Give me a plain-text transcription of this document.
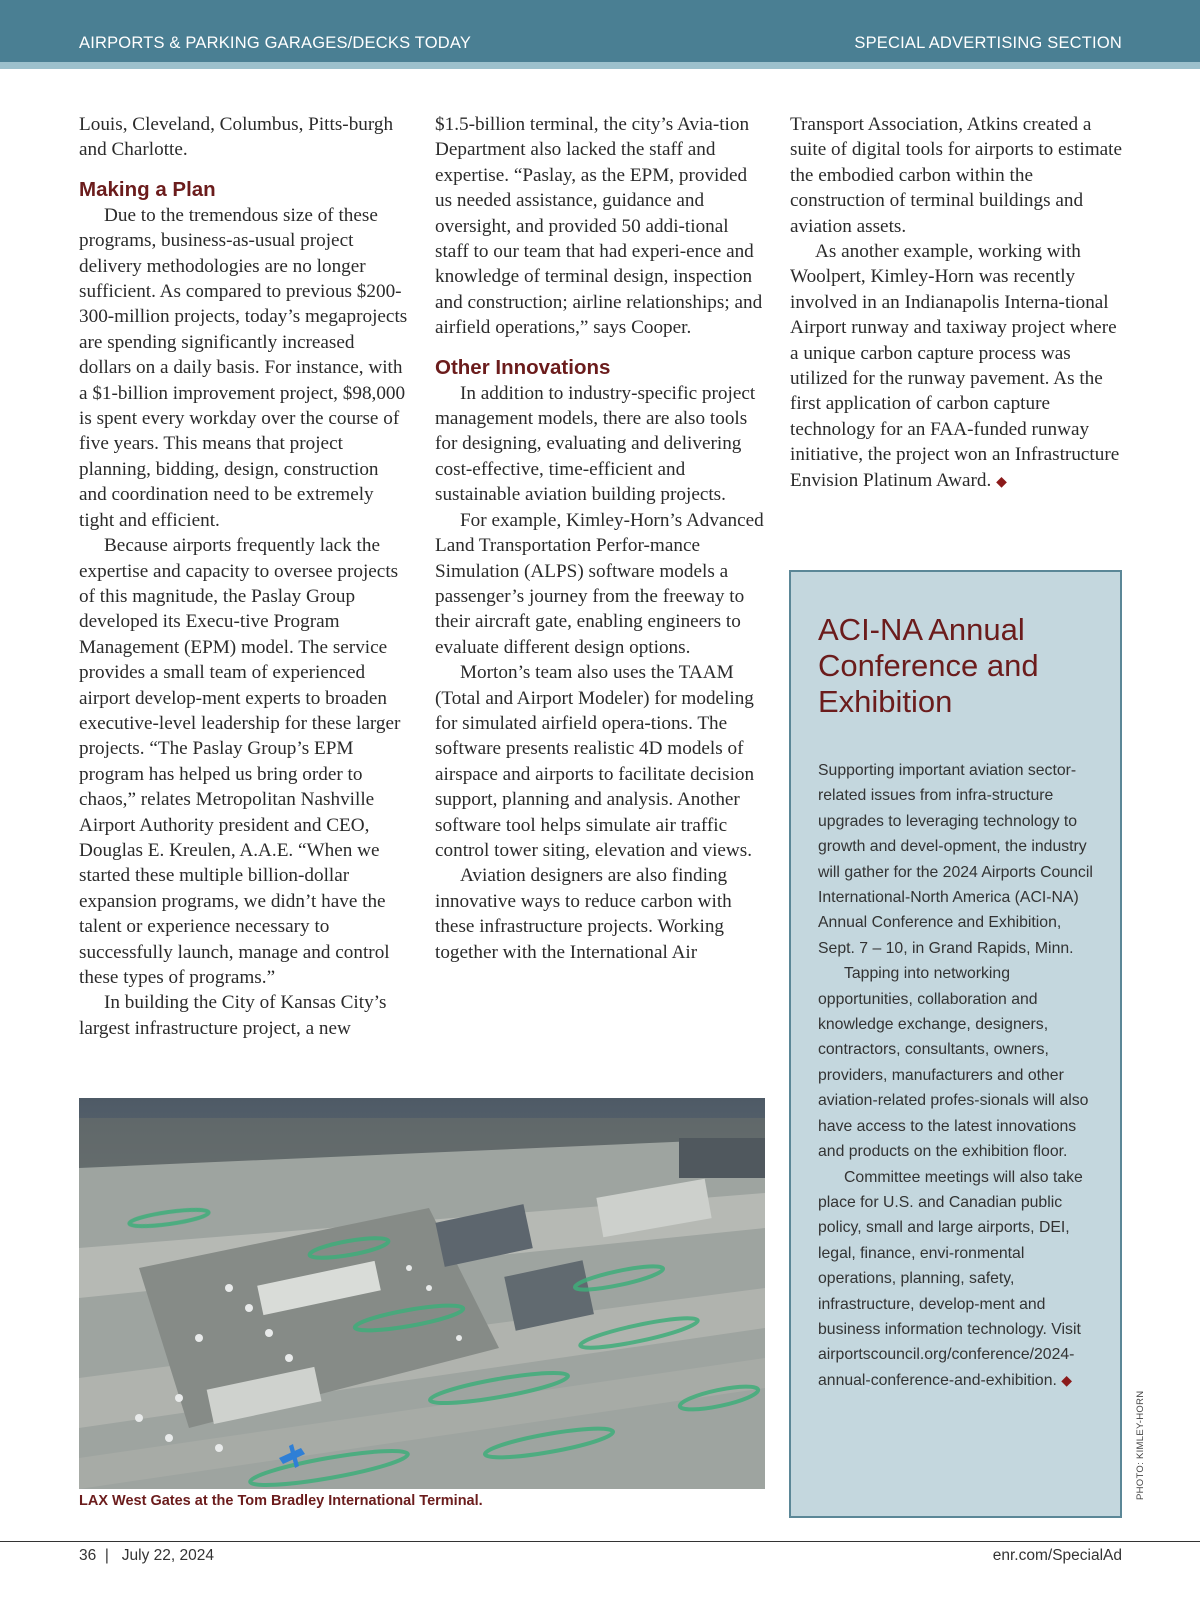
AIRPORTS & PARKING GARAGES/DECKS TODAY	SPECIAL ADVERTISING SECTION

Louis, Cleveland, Columbus, Pitts-burgh and Charlotte.

Making a Plan

Due to the tremendous size of these programs, business-as-usual project delivery methodologies are no longer sufficient. As compared to previous $200-300-million projects, today’s megaprojects are spending significantly increased dollars on a daily basis. For instance, with a $1-billion improvement project, $98,000 is spent every workday over the course of five years. This means that project planning, bidding, design, construction and coordination need to be extremely tight and efficient.

Because airports frequently lack the expertise and capacity to oversee projects of this magnitude, the Paslay Group developed its Execu-tive Program Management (EPM) model. The service provides a small team of experienced airport develop-ment experts to broaden executive-level leadership for these larger projects. “The Paslay Group’s EPM program has helped us bring order to chaos,” relates Metropolitan Nashville Airport Authority president and CEO, Douglas E. Kreulen, A.A.E. “When we started these multiple billion-dollar expansion programs, we didn’t have the talent or experience necessary to successfully launch, manage and control these types of programs.”

In building the City of Kansas City’s largest infrastructure project, a new

$1.5-billion terminal, the city’s Avia-tion Department also lacked the staff and expertise. “Paslay, as the EPM, provided us needed assistance, guidance and oversight, and provided 50 addi-tional staff to our team that had experi-ence and knowledge of terminal design, inspection and construction; airline relationships; and airfield operations,” says Cooper.

Other Innovations

In addition to industry-specific project management models, there are also tools for designing, evaluating and delivering cost-effective, time-efficient and sustainable aviation building projects.

For example, Kimley-Horn’s Advanced Land Transportation Perfor-mance Simulation (ALPS) software models a passenger’s journey from the freeway to their aircraft gate, enabling engineers to evaluate different design options.

Morton’s team also uses the TAAM (Total and Airport Modeler) for modeling for simulated airfield opera-tions. The software presents realistic 4D models of airspace and airports to facilitate decision support, planning and analysis. Another software tool helps simulate air traffic control tower siting, elevation and views.

Aviation designers are also finding innovative ways to reduce carbon with these infrastructure projects. Working together with the International Air

Transport Association, Atkins created a suite of digital tools for airports to estimate the embodied carbon within the construction of terminal buildings and aviation assets.

As another example, working with Woolpert, Kimley-Horn was recently involved in an Indianapolis Interna-tional Airport runway and taxiway project where a unique carbon capture process was utilized for the runway pavement. As the first application of carbon capture technology for an FAA-funded runway initiative, the project won an Infrastructure Envision Platinum Award. ◆

LAX West Gates at the Tom Bradley International Terminal.
PHOTO: KIMLEY-HORN
ACI-NA Annual Conference and Exhibition

Supporting important aviation sector-related issues from infra-structure upgrades to leveraging technology to growth and devel-opment, the industry will gather for the 2024 Airports Council International-North America (ACI-NA) Annual Conference and Exhibition, Sept. 7 – 10, in Grand Rapids, Minn.

Tapping into networking opportunities, collaboration and knowledge exchange, designers, contractors, consultants, owners, providers, manufacturers and other aviation-related profes-sionals will also have access to the latest innovations and products on the exhibition floor.

Committee meetings will also take place for U.S. and Canadian public policy, small and large airports, DEI, legal, finance, envi-ronmental operations, planning, safety, infrastructure, develop-ment and business information technology. Visit airportscouncil.org/conference/2024-annual-conference-and-exhibition. ◆

36  |   July 22, 2024	enr.com/SpecialAd
